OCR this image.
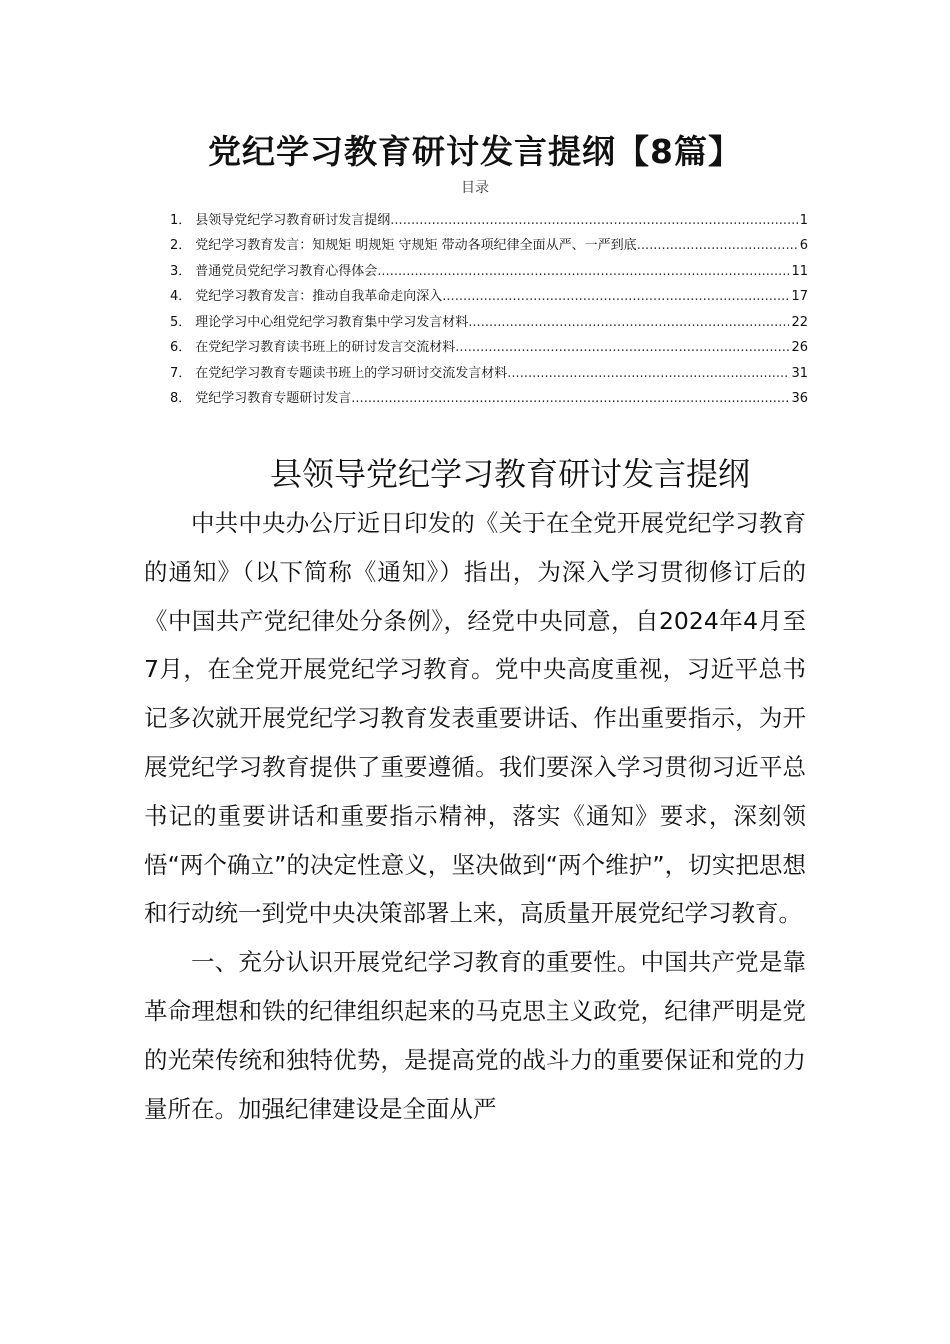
党纪学习教育研讨发言提纲【8篇】
目录
1． 县领导党纪学习教育研讨发言提纲 .....	1
2． 党纪学习教育发言：知规矩 明规矩 守规矩 带动各项纪律全面从严、一严到底 .....	6
3． 普通党员党纪学习教育心得体会 .....	11
4． 党纪学习教育发言：推动自我革命走向深入 .....	17
5． 理论学习中心组党纪学习教育集中学习发言材料 .....	22
6． 在党纪学习教育读书班上的研讨发言交流材料 .....	26
7． 在党纪学习教育专题读书班上的学习研讨交流发言材料 .....	31
8． 党纪学习教育专题研讨发言 .....	36
县领导党纪学习教育研讨发言提纲

中共中央办公厅近日印发的《关于在全党开展党纪学习教育的通知》（以下简称《通知》）指出，为深入学习贯彻修订后的《中国共产党纪律处分条例》，经党中央同意，自2024年4月至7月，在全党开展党纪学习教育。党中央高度重视，习近平总书记多次就开展党纪学习教育发表重要讲话、作出重要指示，为开展党纪学习教育提供了重要遵循。我们要深入学习贯彻习近平总书记的重要讲话和重要指示精神，落实《通知》要求，深刻领悟“两个确立”的决定性意义，坚决做到“两个维护”，切实把思想和行动统一到党中央决策部署上来，高质量开展党纪学习教育。

一、充分认识开展党纪学习教育的重要性。中国共产党是靠革命理想和铁的纪律组织起来的马克思主义政党，纪律严明是党的光荣传统和独特优势，是提高党的战斗力的重要保证和党的力量所在。加强纪律建设是全面从严
